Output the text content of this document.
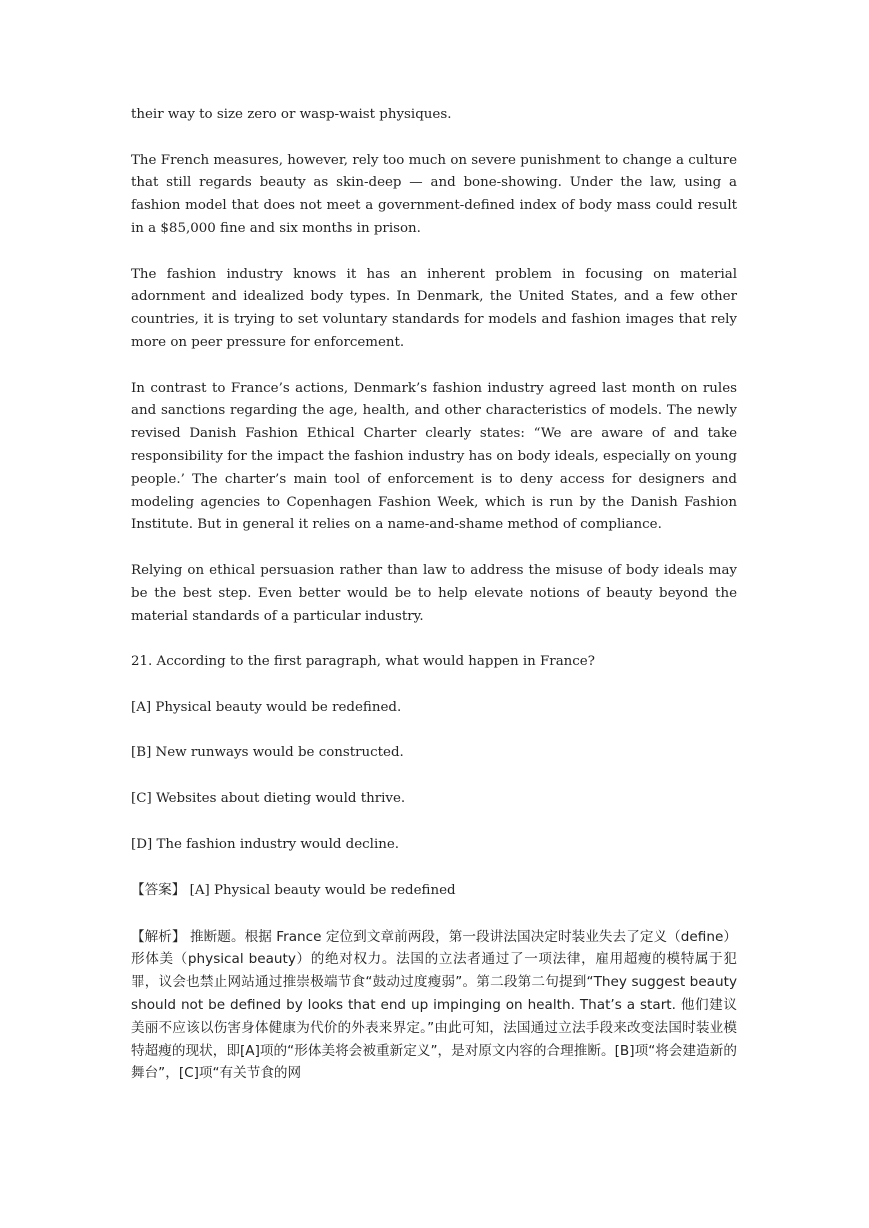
their way to size zero or wasp-waist physiques.

The French measures, however, rely too much on severe punishment to change a culture that still regards beauty as skin-deep — and bone-showing. Under the law, using a fashion model that does not meet a government-defined index of body mass could result in a $85,000 fine and six months in prison.

The fashion industry knows it has an inherent problem in focusing on material adornment and idealized body types. In Denmark, the United States, and a few other countries, it is trying to set voluntary standards for models and fashion images that rely more on peer pressure for enforcement.

In contrast to France’s actions, Denmark’s fashion industry agreed last month on rules and sanctions regarding the age, health, and other characteristics of models. The newly revised Danish Fashion Ethical Charter clearly states: “We are aware of and take responsibility for the impact the fashion industry has on body ideals, especially on young people.’ The charter’s main tool of enforcement is to deny access for designers and modeling agencies to Copenhagen Fashion Week, which is run by the Danish Fashion Institute. But in general it relies on a name-and-shame method of compliance.

Relying on ethical persuasion rather than law to address the misuse of body ideals may be the best step. Even better would be to help elevate notions of beauty beyond the material standards of a particular industry.

21. According to the first paragraph, what would happen in France?

[A] Physical beauty would be redefined.

[B] New runways would be constructed.

[C] Websites about dieting would thrive.

[D] The fashion industry would decline.

【答案】 [A] Physical beauty would be redefined

【解析】 推断题。根据 France 定位到文章前两段，第一段讲法国决定时装业失去了定义（define）形体美（physical beauty）的绝对权力。法国的立法者通过了一项法律，雇用超瘦的模特属于犯罪，议会也禁止网站通过推崇极端节食“鼓动过度瘦弱”。第二段第二句提到“They suggest beauty should not be defined by looks that end up impinging on health. That’s a start. 他们建议美丽不应该以伤害身体健康为代价的外表来界定。”由此可知，法国通过立法手段来改变法国时装业模特超瘦的现状，即[A]项的“形体美将会被重新定义”，是对原文内容的合理推断。[B]项“将会建造新的舞台”，[C]项“有关节食的网
